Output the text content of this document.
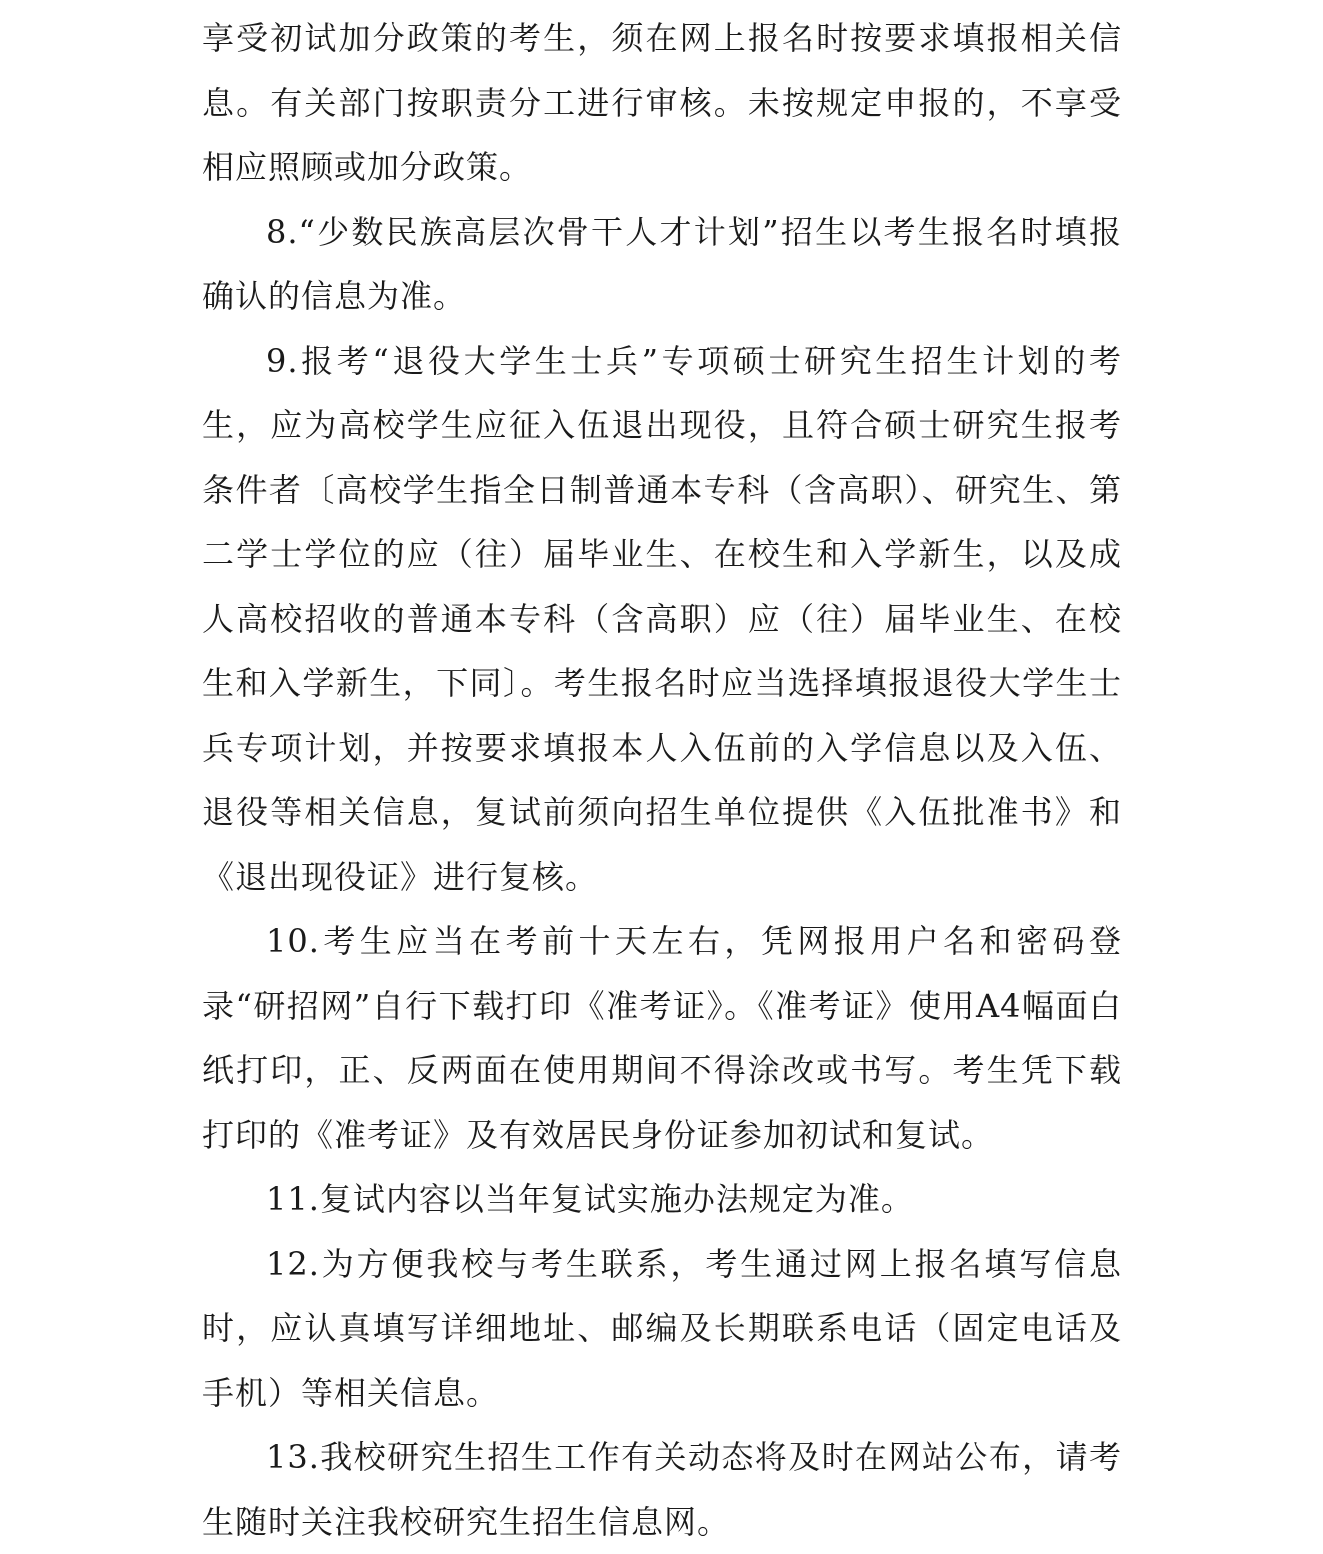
享受初试加分政策的考生，须在网上报名时按要求填报相关信息。有关部门按职责分工进行审核。未按规定申报的，不享受相应照顾或加分政策。

8.“少数民族高层次骨干人才计划”招生以考生报名时填报确认的信息为准。

9.报考“退役大学生士兵”专项硕士研究生招生计划的考生，应为高校学生应征入伍退出现役，且符合硕士研究生报考条件者〔高校学生指全日制普通本专科（含高职）、研究生、第二学士学位的应（往）届毕业生、在校生和入学新生，以及成人高校招收的普通本专科（含高职）应（往）届毕业生、在校生和入学新生，下同〕。考生报名时应当选择填报退役大学生士兵专项计划，并按要求填报本人入伍前的入学信息以及入伍、退役等相关信息，复试前须向招生单位提供《入伍批准书》和《退出现役证》进行复核。

10.考生应当在考前十天左右，凭网报用户名和密码登录“研招网”自行下载打印《准考证》。《准考证》使用A4幅面白纸打印，正、反两面在使用期间不得涂改或书写。考生凭下载打印的《准考证》及有效居民身份证参加初试和复试。

11.复试内容以当年复试实施办法规定为准。

12.为方便我校与考生联系，考生通过网上报名填写信息时，应认真填写详细地址、邮编及长期联系电话（固定电话及手机）等相关信息。

13.我校研究生招生工作有关动态将及时在网站公布，请考生随时关注我校研究生招生信息网。
